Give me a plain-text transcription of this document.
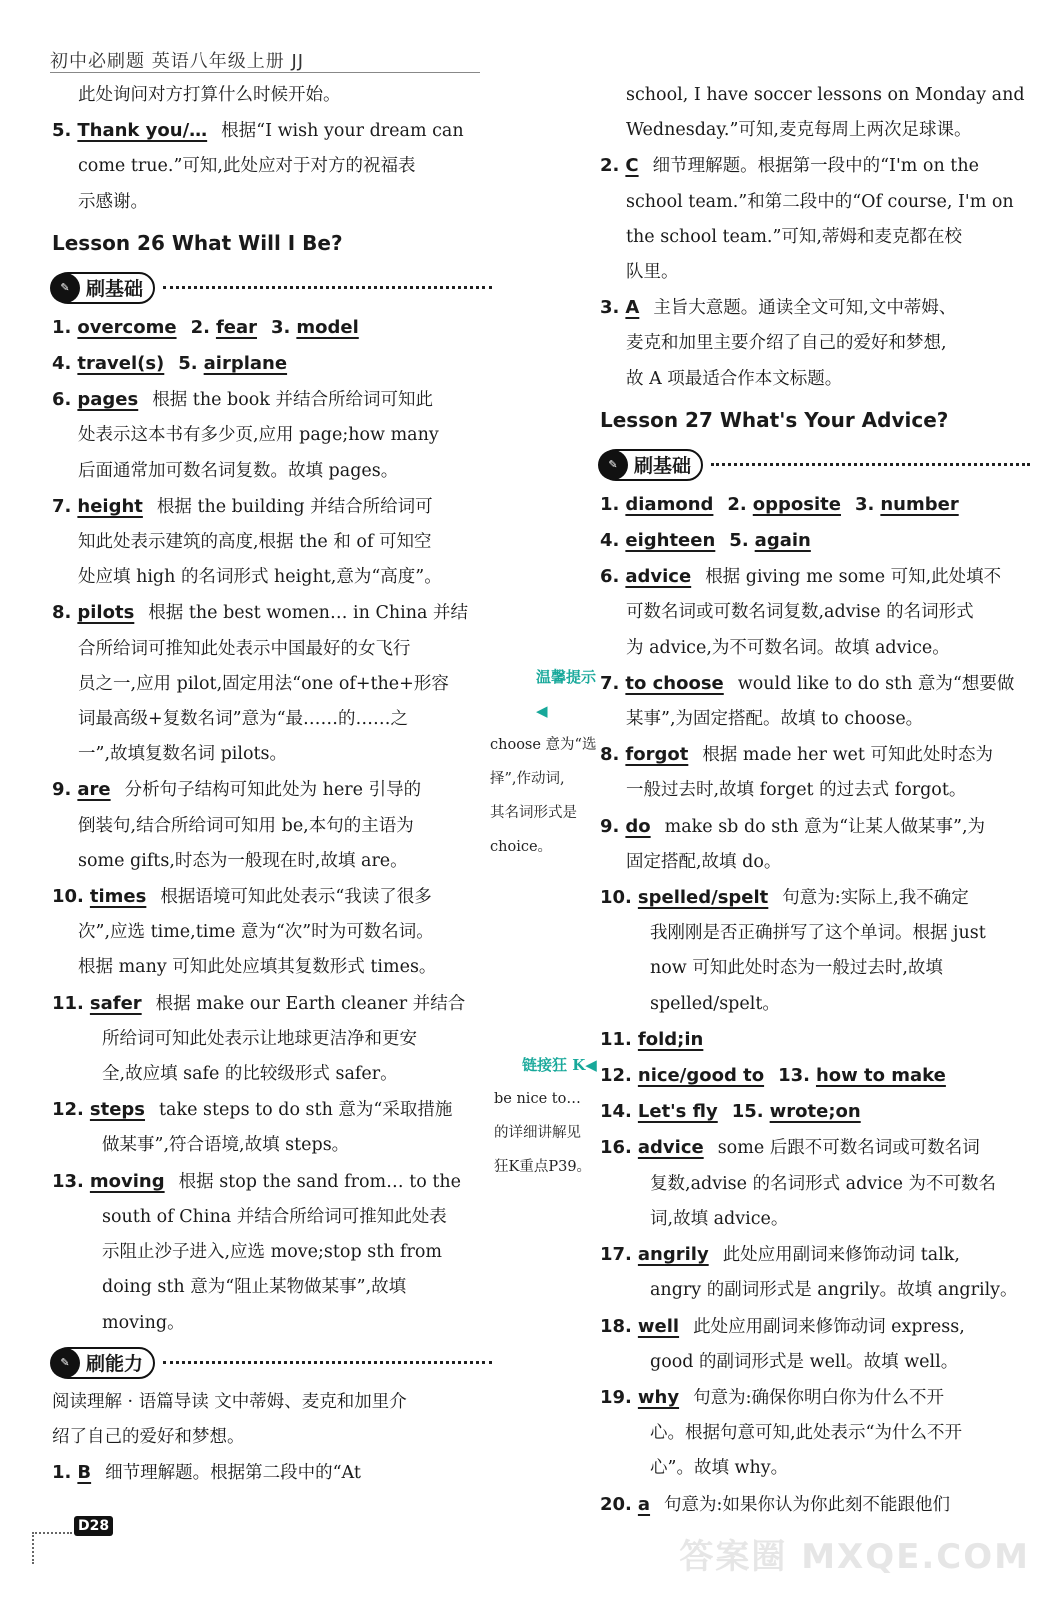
初中必刷题 英语八年级上册 JJ
此处询问对方打算什么时候开始。
5. Thank you/… 根据“I wish your dream can
come true.”可知,此处应对于对方的祝福表
示感谢。
Lesson 26 What Will I Be?
✎ 刷基础
1. overcome 2. fear 3. model
4. travel(s) 5. airplane
6. pages 根据 the book 并结合所给词可知此
处表示这本书有多少页,应用 page;how many
后面通常加可数名词复数。故填 pages。
7. height 根据 the building 并结合所给词可
知此处表示建筑的高度,根据 the 和 of 可知空
处应填 high 的名词形式 height,意为“高度”。
8. pilots 根据 the best women… in China 并结
合所给词可推知此处表示中国最好的女飞行
员之一,应用 pilot,固定用法“one of+the+形容
词最高级+复数名词”意为“最……的……之
一”,故填复数名词 pilots。
9. are 分析句子结构可知此处为 here 引导的
倒装句,结合所给词可知用 be,本句的主语为
some gifts,时态为一般现在时,故填 are。
10. times 根据语境可知此处表示“我读了很多
次”,应选 time,time 意为“次”时为可数名词。
根据 many 可知此处应填其复数形式 times。
11. safer 根据 make our Earth cleaner 并结合
所给词可知此处表示让地球更洁净和更安
全,故应填 safe 的比较级形式 safer。
12. steps take steps to do sth 意为“采取措施
做某事”,符合语境,故填 steps。
13. moving 根据 stop the sand from… to the
south of China 并结合所给词可推知此处表
示阻止沙子进入,应选 move;stop sth from
doing sth 意为“阻止某物做某事”,故填
moving。
✎ 刷能力
阅读理解 · 语篇导读 文中蒂姆、麦克和加里介
绍了自己的爱好和梦想。
1. B 细节理解题。根据第二段中的“At
school, I have soccer lessons on Monday and
Wednesday.”可知,麦克每周上两次足球课。
2. C 细节理解题。根据第一段中的“I'm on the
school team.”和第二段中的“Of course, I'm on
the school team.”可知,蒂姆和麦克都在校
队里。
3. A 主旨大意题。通读全文可知,文中蒂姆、
麦克和加里主要介绍了自己的爱好和梦想,
故 A 项最适合作本文标题。
Lesson 27 What's Your Advice?
✎ 刷基础
1. diamond 2. opposite 3. number
4. eighteen 5. again
6. advice 根据 giving me some 可知,此处填不
可数名词或可数名词复数,advise 的名词形式
为 advice,为不可数名词。故填 advice。
7. to choose would like to do sth 意为“想要做
某事”,为固定搭配。故填 to choose。
8. forgot 根据 made her wet 可知此处时态为
一般过去时,故填 forget 的过去式 forgot。
9. do make sb do sth 意为“让某人做某事”,为
固定搭配,故填 do。
10. spelled/spelt 句意为:实际上,我不确定
我刚刚是否正确拼写了这个单词。根据 just
now 可知此处时态为一般过去时,故填
spelled/spelt。
11. fold;in
12. nice/good to 13. how to make
14. Let's fly 15. wrote;on
16. advice some 后跟不可数名词或可数名词
复数,advise 的名词形式 advice 为不可数名
词,故填 advice。
17. angrily 此处应用副词来修饰动词 talk,
angry 的副词形式是 angrily。故填 angrily。
18. well 此处应用副词来修饰动词 express,
good 的副词形式是 well。故填 well。
19. why 句意为:确保你明白你为什么不开
心。根据句意可知,此处表示“为什么不开
心”。故填 why。
20. a 句意为:如果你认为你此刻不能跟他们
温馨提示◀
choose 意为“选
择”,作动词,
其名词形式是
choice。
链接狂 K◀
be nice to…
的详细讲解见
狂K重点P39。
D28
答案圈 MXQE.COM
